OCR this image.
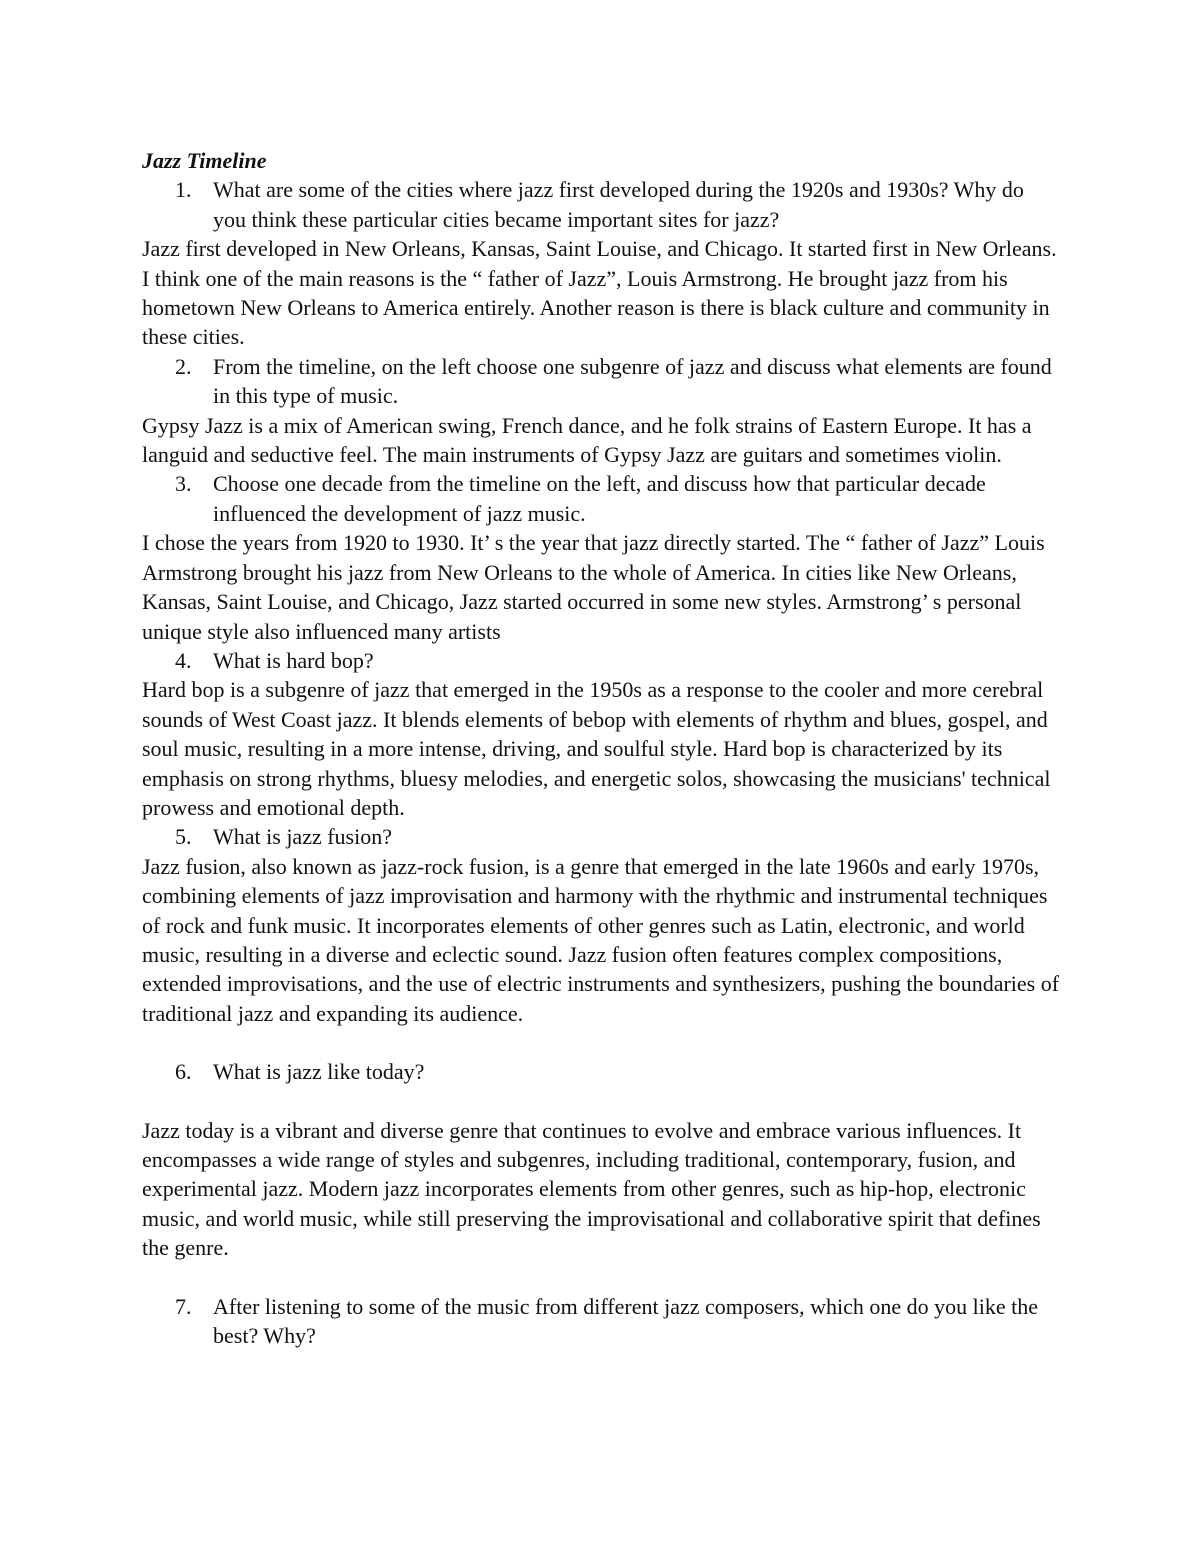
Jazz Timeline

1. What are some of the cities where jazz first developed during the 1920s and 1930s? Why do you think these particular cities became important sites for jazz?

Jazz first developed in New Orleans, Kansas, Saint Louise, and Chicago. It started first in New Orleans. I think one of the main reasons is the “ father of Jazz”, Louis Armstrong. He brought jazz from his hometown New Orleans to America entirely. Another reason is there is black culture and community in these cities.

2. From the timeline, on the left choose one subgenre of jazz and discuss what elements are found in this type of music.

Gypsy Jazz is a mix of American swing, French dance, and he folk strains of Eastern Europe. It has a languid and seductive feel. The main instruments of Gypsy Jazz are guitars and sometimes violin.

3. Choose one decade from the timeline on the left, and discuss how that particular decade influenced the development of jazz music.

I chose the years from 1920 to 1930. It’ s the year that jazz directly started. The “ father of Jazz” Louis Armstrong brought his jazz from New Orleans to the whole of America. In cities like New Orleans, Kansas, Saint Louise, and Chicago, Jazz started occurred in some new styles. Armstrong’ s personal unique style also influenced many artists

4. What is hard bop?

Hard bop is a subgenre of jazz that emerged in the 1950s as a response to the cooler and more cerebral sounds of West Coast jazz. It blends elements of bebop with elements of rhythm and blues, gospel, and soul music, resulting in a more intense, driving, and soulful style. Hard bop is characterized by its emphasis on strong rhythms, bluesy melodies, and energetic solos, showcasing the musicians' technical prowess and emotional depth.

5. What is jazz fusion?

Jazz fusion, also known as jazz-rock fusion, is a genre that emerged in the late 1960s and early 1970s, combining elements of jazz improvisation and harmony with the rhythmic and instrumental techniques of rock and funk music. It incorporates elements of other genres such as Latin, electronic, and world music, resulting in a diverse and eclectic sound. Jazz fusion often features complex compositions, extended improvisations, and the use of electric instruments and synthesizers, pushing the boundaries of traditional jazz and expanding its audience.

6. What is jazz like today?

Jazz today is a vibrant and diverse genre that continues to evolve and embrace various influences. It encompasses a wide range of styles and subgenres, including traditional, contemporary, fusion, and experimental jazz. Modern jazz incorporates elements from other genres, such as hip-hop, electronic music, and world music, while still preserving the improvisational and collaborative spirit that defines the genre.

7. After listening to some of the music from different jazz composers, which one do you like the best? Why?
